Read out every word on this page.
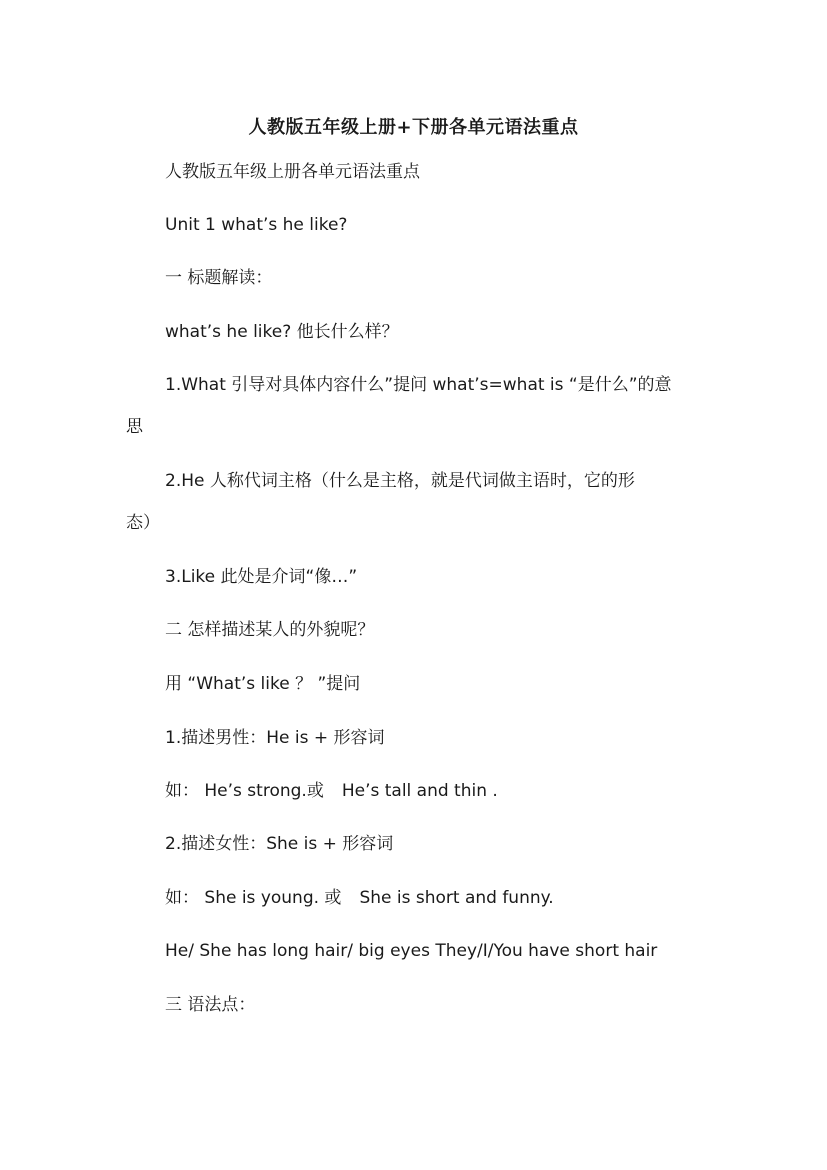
人教版五年级上册+下册各单元语法重点
人教版五年级上册各单元语法重点
Unit 1 what’s he like?
一 标题解读：
what’s he like? 他长什么样？
1.What 引导对具体内容什么”提问 what’s=what is “是什么”的意
思
2.He 人称代词主格（什么是主格，就是代词做主语时，它的形
态）
3.Like 此处是介词“像…”
二 怎样描述某人的外貌呢？
用 “What’s like ？ ”提问
1.描述男性：He is + 形容词
如： He’s strong.或 He’s tall and thin .
2.描述女性：She is + 形容词
如： She is young. 或 She is short and funny.
He/ She has long hair/ big eyes They/I/You have short hair
三 语法点：
